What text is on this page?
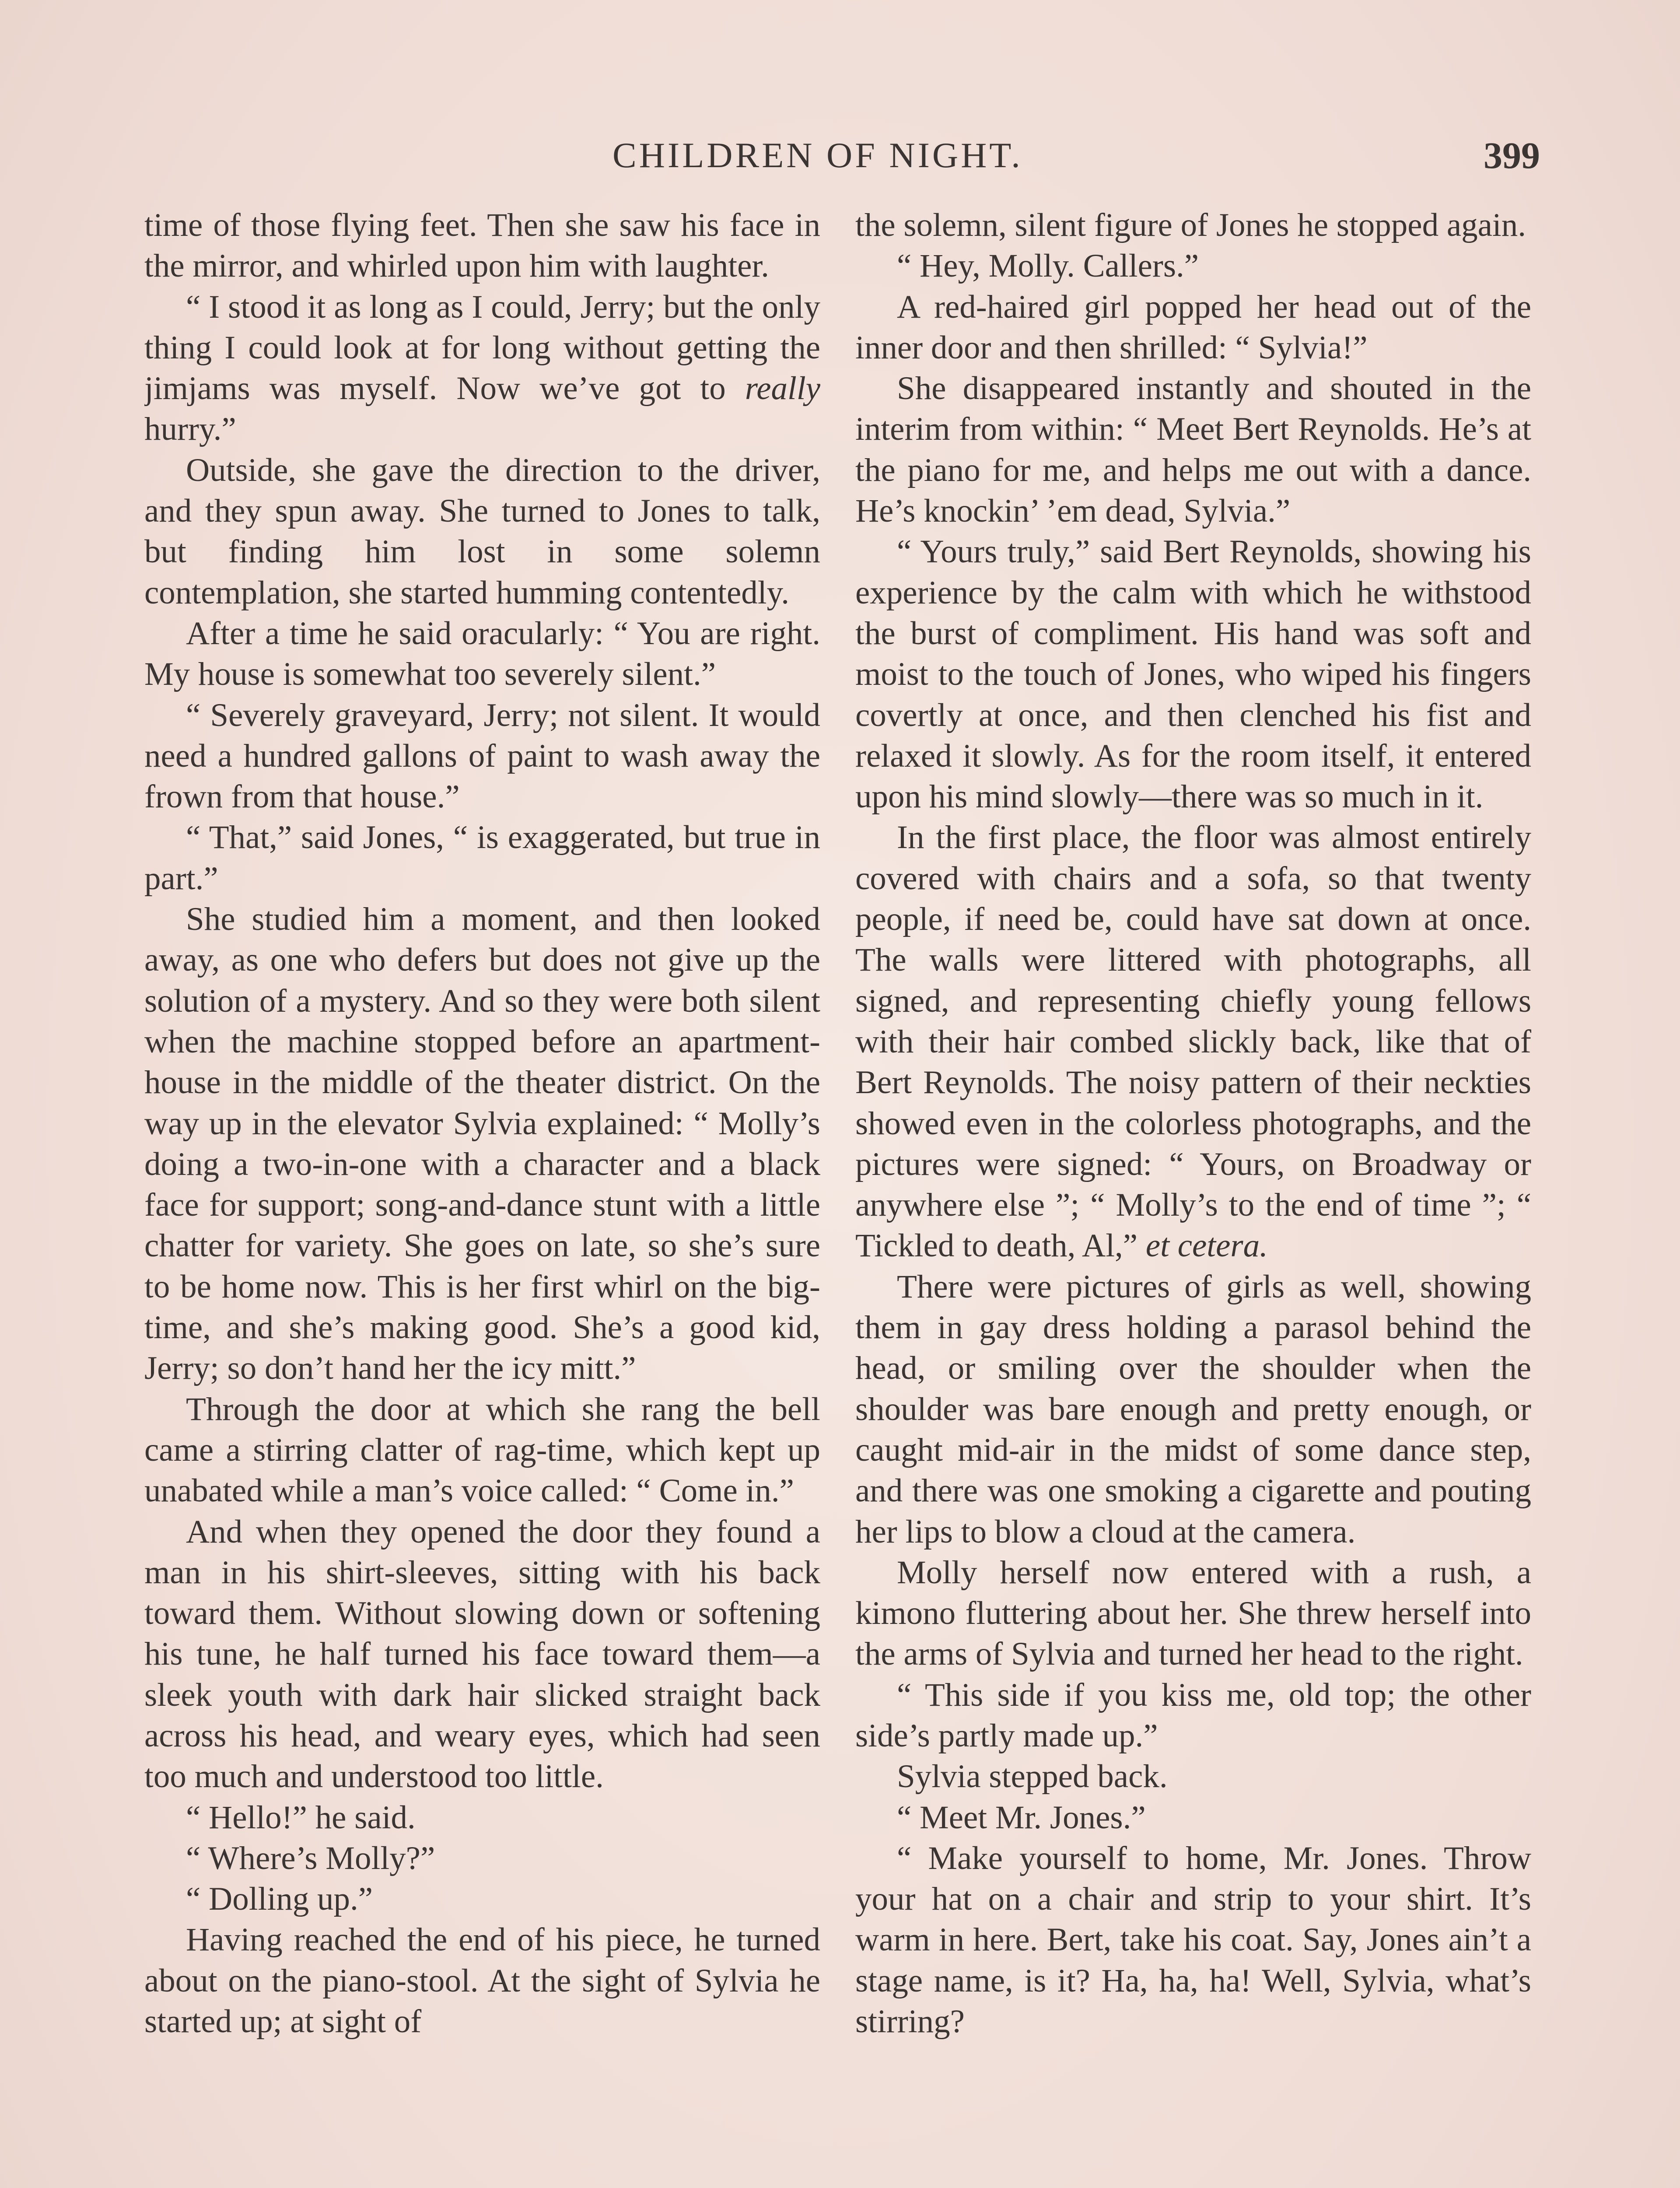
CHILDREN OF NIGHT.	399

time of those flying feet. Then she saw his face in the mirror, and whirled upon him with laughter.

“ I stood it as long as I could, Jerry; but the only thing I could look at for long without getting the jimjams was myself. Now we’ve got to really hurry.”

Outside, she gave the direction to the driver, and they spun away. She turned to Jones to talk, but finding him lost in some solemn contemplation, she started humming contentedly.

After a time he said oracularly: “ You are right. My house is somewhat too severely silent.”

“ Severely graveyard, Jerry; not silent. It would need a hundred gallons of paint to wash away the frown from that house.”

“ That,” said Jones, “ is exaggerated, but true in part.”

She studied him a moment, and then looked away, as one who defers but does not give up the solution of a mystery. And so they were both silent when the machine stopped before an apartment-house in the middle of the theater district. On the way up in the elevator Sylvia explained: “ Molly’s doing a two-in-one with a character and a black face for support; song-and-dance stunt with a little chatter for variety. She goes on late, so she’s sure to be home now. This is her first whirl on the big-time, and she’s making good. She’s a good kid, Jerry; so don’t hand her the icy mitt.”

Through the door at which she rang the bell came a stirring clatter of rag-time, which kept up unabated while a man’s voice called: “ Come in.”

And when they opened the door they found a man in his shirt-sleeves, sitting with his back toward them. Without slowing down or softening his tune, he half turned his face toward them—a sleek youth with dark hair slicked straight back across his head, and weary eyes, which had seen too much and understood too little.

“ Hello!” he said.

“ Where’s Molly?”

“ Dolling up.”

Having reached the end of his piece, he turned about on the piano-stool. At the sight of Sylvia he started up; at sight of

the solemn, silent figure of Jones he stopped again.

“ Hey, Molly. Callers.”

A red-haired girl popped her head out of the inner door and then shrilled: “ Sylvia!”

She disappeared instantly and shouted in the interim from within: “ Meet Bert Reynolds. He’s at the piano for me, and helps me out with a dance. He’s knockin’ ’em dead, Sylvia.”

“ Yours truly,” said Bert Reynolds, showing his experience by the calm with which he withstood the burst of compliment. His hand was soft and moist to the touch of Jones, who wiped his fingers covertly at once, and then clenched his fist and relaxed it slowly. As for the room itself, it entered upon his mind slowly—there was so much in it.

In the first place, the floor was almost entirely covered with chairs and a sofa, so that twenty people, if need be, could have sat down at once. The walls were littered with photographs, all signed, and representing chiefly young fellows with their hair combed slickly back, like that of Bert Reynolds. The noisy pattern of their neckties showed even in the colorless photographs, and the pictures were signed: “ Yours, on Broadway or anywhere else ”; “ Molly’s to the end of time ”; “ Tickled to death, Al,” et cetera.

There were pictures of girls as well, showing them in gay dress holding a parasol behind the head, or smiling over the shoulder when the shoulder was bare enough and pretty enough, or caught mid-air in the midst of some dance step, and there was one smoking a cigarette and pouting her lips to blow a cloud at the camera.

Molly herself now entered with a rush, a kimono fluttering about her. She threw herself into the arms of Sylvia and turned her head to the right.

“ This side if you kiss me, old top; the other side’s partly made up.”

Sylvia stepped back.

“ Meet Mr. Jones.”

“ Make yourself to home, Mr. Jones. Throw your hat on a chair and strip to your shirt. It’s warm in here. Bert, take his coat. Say, Jones ain’t a stage name, is it? Ha, ha, ha! Well, Sylvia, what’s stirring?
